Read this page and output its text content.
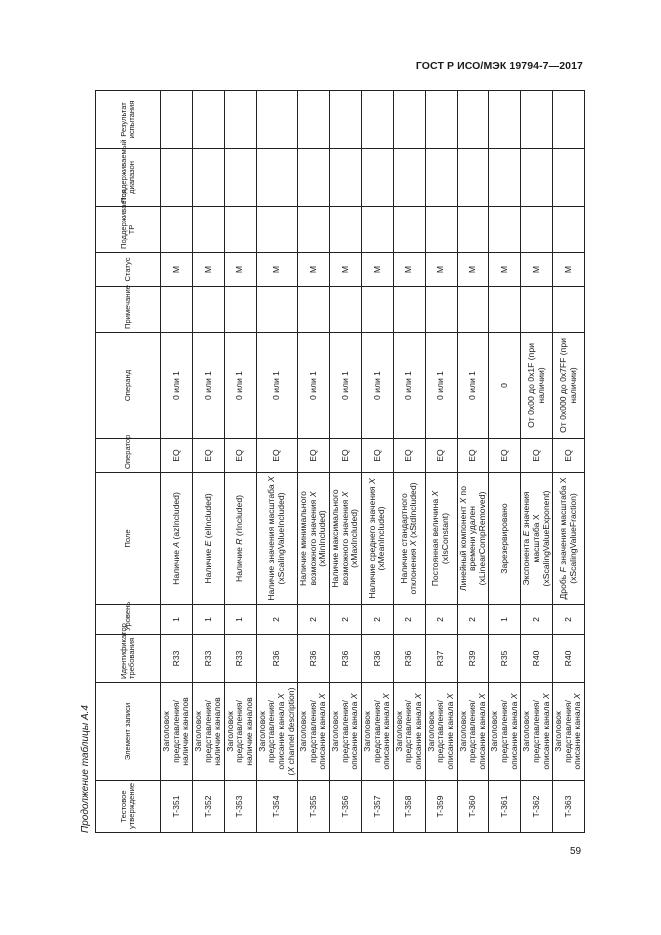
ГОСТ Р ИСО/МЭК 19794-7—2017
Продолжение таблицы А.4	Тестовое утверждение	Элемент записи	Идентификатор требования	Уровень	Поле	Оператор	Операнд	Примечание	Статус	Поддерживается TP	Поддерживаемый диапазон	Результат испытания
T-351	Заголовок представления/ наличие каналов	R33	1	Наличие A (azIncluded)	EQ	0 или 1		M			
T-352	Заголовок представления/ наличие каналов	R33	1	Наличие E (elIncluded)	EQ	0 или 1		M			
T-353	Заголовок представления/ наличие каналов	R33	1	Наличие R (rIncluded)	EQ	0 или 1		M			
T-354	Заголовок представления/ описание канала X
(X channel description)	R36	2	Наличие значения масштаба X (xScalingValueIncluded)	EQ	0 или 1		M			
T-355	Заголовок представления/ описание канала X	R36	2	Наличие минимального возможного значения X (xMinIncluded)	EQ	0 или 1		M			
T-356	Заголовок представления/ описание канала X	R36	2	Наличие максимального возможного значения X (xMaxIncluded)	EQ	0 или 1		M			
T-357	Заголовок представления/ описание канала X	R36	2	Наличие среднего значения X (xMeanIncluded)	EQ	0 или 1		M			
T-358	Заголовок представления/ описание канала X	R36	2	Наличие стандартного отклонения X (xStdIncluded)	EQ	0 или 1		M			
T-359	Заголовок представления/ описание канала X	R37	2	Постоянная величина X (xIsConstant)	EQ	0 или 1		M			
T-360	Заголовок представления/ описание канала X	R39	2	Линейный компонент X по времени удален (xLinearCompRemoved)	EQ	0 или 1		M			
T-361	Заголовок представления/ описание канала X	R35	1	Зарезервировано	EQ	0		M			
T-362	Заголовок представления/ описание канала X	R40	2	Экспонента E значения масштаба X (xScalingValueExponent)	EQ	От 0x00 до 0x1F (при наличии)		M			
T-363	Заголовок представления/ описание канала X	R40	2	Дробь F значения масштаба X (xScalingValueFraction)	EQ	От 0x000 до 0x7FF (при наличии)		M			
59
